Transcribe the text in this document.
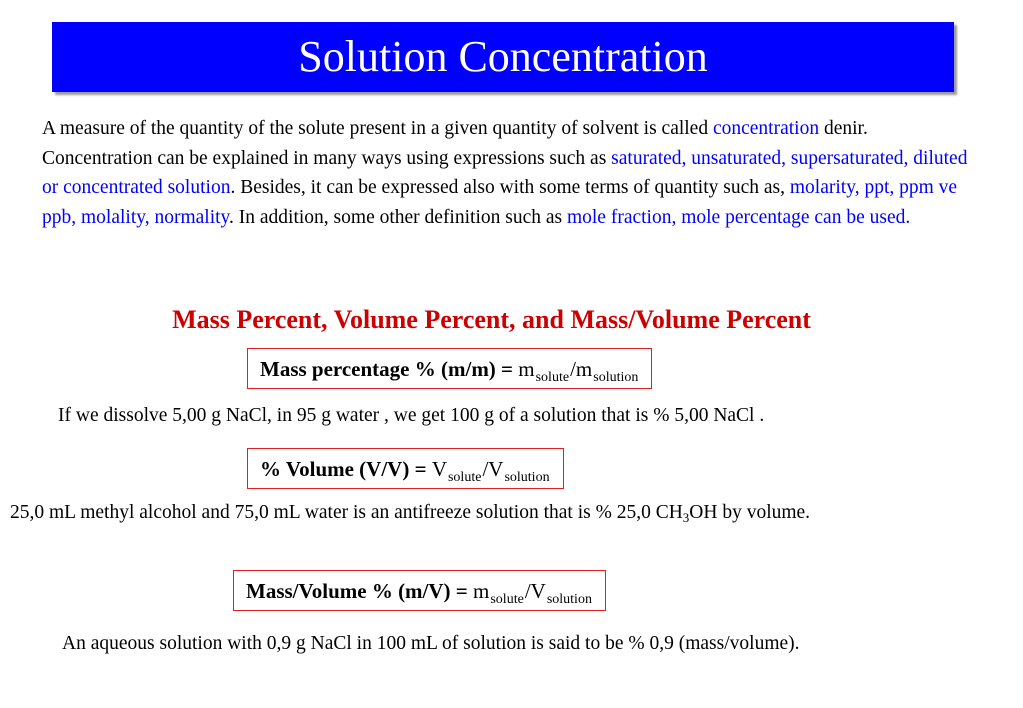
Solution Concentration
A measure of the quantity of the solute present in a given quantity of solvent is called concentration denir. Concentration can be explained in many ways using expressions such as saturated, unsaturated, supersaturated, diluted or concentrated solution. Besides, it can be expressed also with some terms of quantity such as, molarity, ppt, ppm ve ppb, molality, normality. In addition, some other definition such as mole fraction, mole percentage can be used.
Mass Percent, Volume Percent, and Mass/Volume Percent
Mass percentage % $(m/m) = m_{solute}/m_{solution}$
If we dissolve 5,00 g NaCl, in 95 g water , we get 100 g of a solution that is % 5,00 NaCl .
% Volume $(V/V) = V_{solute}/V_{solution}$
25,0 mL methyl alcohol and 75,0 mL water is an antifreeze solution that is % 25,0 $CH_3OH$ by volume.
Mass/Volume % $(m/V) = m_{solute}/V_{solution}$
An aqueous solution with 0,9 g NaCl in 100 mL of solution is said to be % 0,9 (mass/volume).
